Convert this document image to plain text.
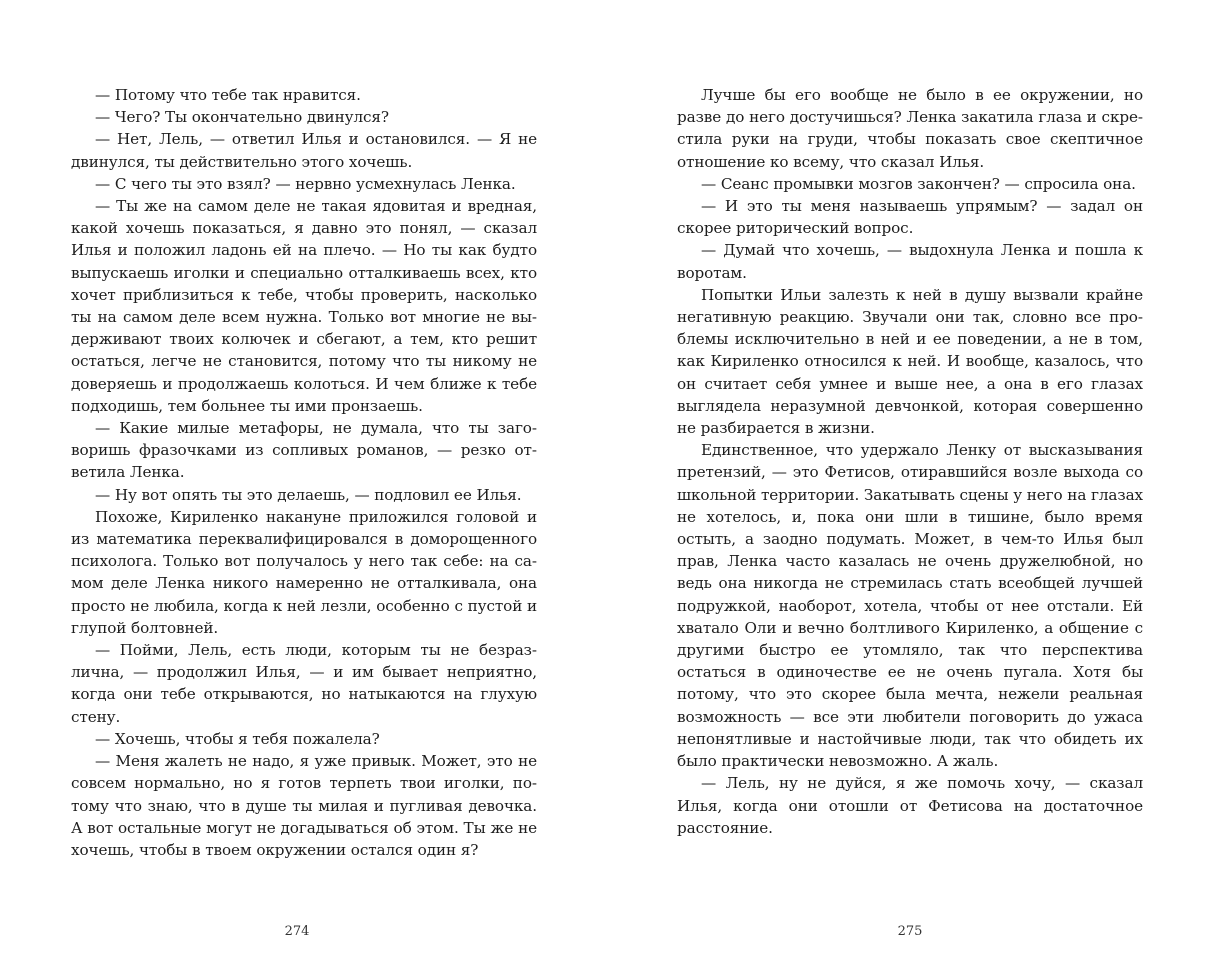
— Потому что тебе так нравится.

— Чего? Ты окончательно двинулся?

— Нет, Лель, — ответил Илья и остановился. — Я не двинулся, ты действительно этого хочешь.

— С чего ты это взял? — нервно усмехнулась Ленка.

— Ты же на самом деле не такая ядовитая и вредная, какой хочешь показаться, я давно это понял, — сказал Илья и положил ладонь ей на плечо. — Но ты как будто выпускаешь иголки и специально отталкиваешь всех, кто хочет приблизиться к тебе, чтобы проверить, насколько ты на самом деле всем нужна. Только вот многие не выдерживают твоих колючек и сбегают, а тем, кто решит остаться, легче не становится, потому что ты никому не доверяешь и продолжаешь колоться. И чем ближе к тебе подходишь, тем больнее ты ими пронзаешь.

— Какие милые метафоры, не думала, что ты заговоришь фразочками из сопливых романов, — резко ответила Ленка.

— Ну вот опять ты это делаешь, — подловил ее Илья.

Похоже, Кириленко накануне приложился головой и из математика переквалифицировался в доморощенного психолога. Только вот получалось у него так себе: на самом деле Ленка никого намеренно не отталкивала, она просто не любила, когда к ней лезли, особенно с пустой и глупой болтовней.

— Пойми, Лель, есть люди, которым ты не безразлична, — продолжил Илья, — и им бывает неприятно, когда они тебе открываются, но натыкаются на глухую стену.

— Хочешь, чтобы я тебя пожалела?

— Меня жалеть не надо, я уже привык. Может, это не совсем нормально, но я готов терпеть твои иголки, потому что знаю, что в душе ты милая и пугливая девочка. А вот остальные могут не догадываться об этом. Ты же не хочешь, чтобы в твоем окружении остался один я?

Лучше бы его вообще не было в ее окружении, но разве до него достучишься? Ленка закатила глаза и скрестила руки на груди, чтобы показать свое скептичное отношение ко всему, что сказал Илья.

— Сеанс промывки мозгов закончен? — спросила она.

— И это ты меня называешь упрямым? — задал он скорее риторический вопрос.

— Думай что хочешь, — выдохнула Ленка и пошла к воротам.

Попытки Ильи залезть к ней в душу вызвали крайне негативную реакцию. Звучали они так, словно все проблемы исключительно в ней и ее поведении, а не в том, как Кириленко относился к ней. И вообще, казалось, что он считает себя умнее и выше нее, а она в его глазах выглядела неразумной девчонкой, которая совершенно не разбирается в жизни.

Единственное, что удержало Ленку от высказывания претензий, — это Фетисов, отиравшийся возле выхода со школьной территории. Закатывать сцены у него на глазах не хотелось, и, пока они шли в тишине, было время остыть, а заодно подумать. Может, в чем-то Илья был прав, Ленка часто казалась не очень дружелюбной, но ведь она никогда не стремилась стать всеобщей лучшей подружкой, наоборот, хотела, чтобы от нее отстали. Ей хватало Оли и вечно болтливого Кириленко, а общение с другими быстро ее утомляло, так что перспектива остаться в одиночестве ее не очень пугала. Хотя бы потому, что это скорее была мечта, нежели реальная возможность — все эти любители поговорить до ужаса непонятливые и настойчивые люди, так что обидеть их было практически невозможно. А жаль.

— Лель, ну не дуйся, я же помочь хочу, — сказал Илья, когда они отошли от Фетисова на достаточное расстояние.

274	275
